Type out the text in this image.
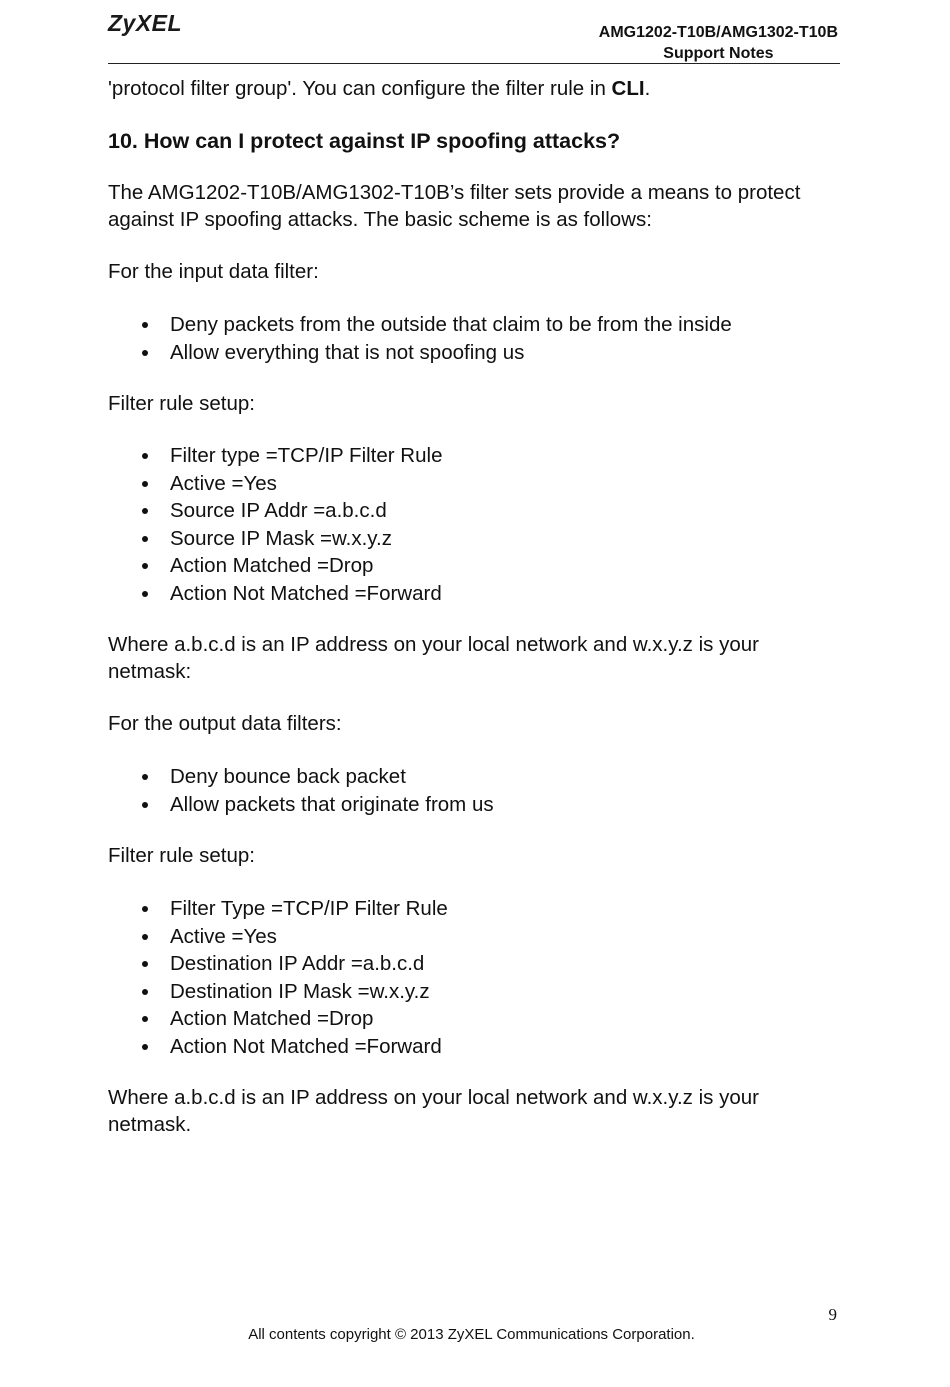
ZyXEL	AMG1202-T10B/AMG1302-T10B
Support Notes

'protocol filter group'. You can configure the filter rule in CLI.

10. How can I protect against IP spoofing attacks?

The AMG1202-T10B/AMG1302-T10B’s filter sets provide a means to protect against IP spoofing attacks. The basic scheme is as follows:

For the input data filter:

Deny packets from the outside that claim to be from the inside
Allow everything that is not spoofing us

Filter rule setup:

Filter type =TCP/IP Filter Rule
Active =Yes
Source IP Addr =a.b.c.d
Source IP Mask =w.x.y.z
Action Matched =Drop
Action Not Matched =Forward

Where a.b.c.d is an IP address on your local network and w.x.y.z is your netmask:

For the output data filters:

Deny bounce back packet
Allow packets that originate from us

Filter rule setup:

Filter Type =TCP/IP Filter Rule
Active =Yes
Destination IP Addr =a.b.c.d
Destination IP Mask =w.x.y.z
Action Matched =Drop
Action Not Matched =Forward

Where a.b.c.d is an IP address on your local network and w.x.y.z is your netmask.

9
All contents copyright © 2013 ZyXEL Communications Corporation.
